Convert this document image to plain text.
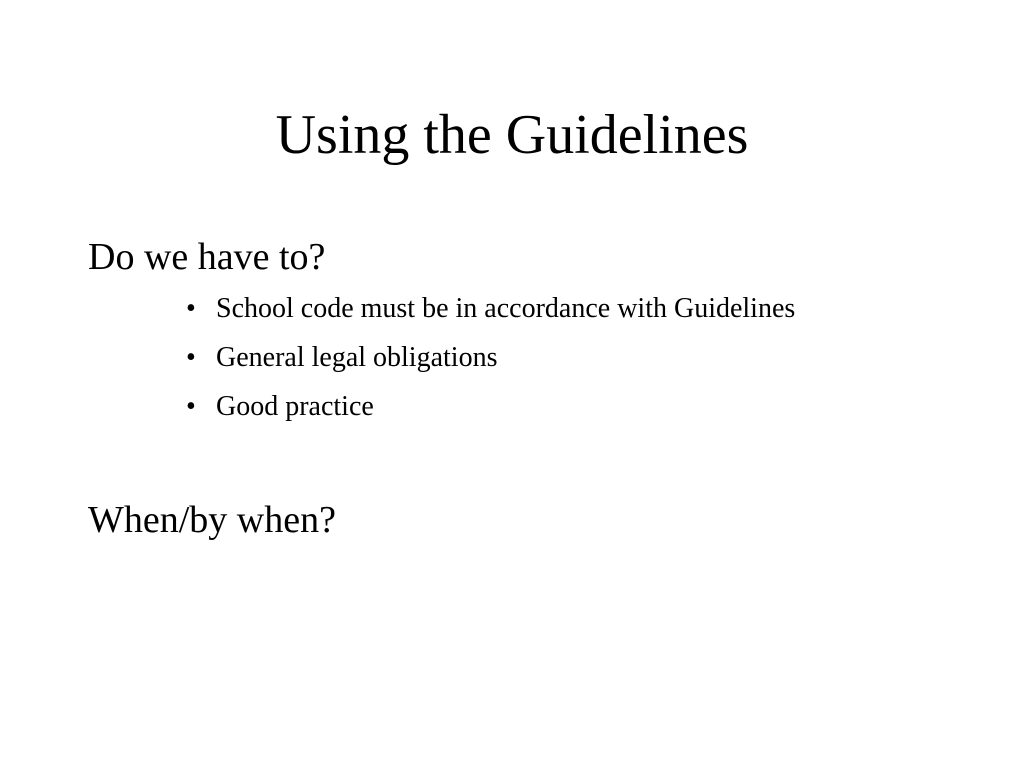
Using the Guidelines

Do we have to?

• School code must be in accordance with Guidelines
• General legal obligations
• Good practice

When/by when?
